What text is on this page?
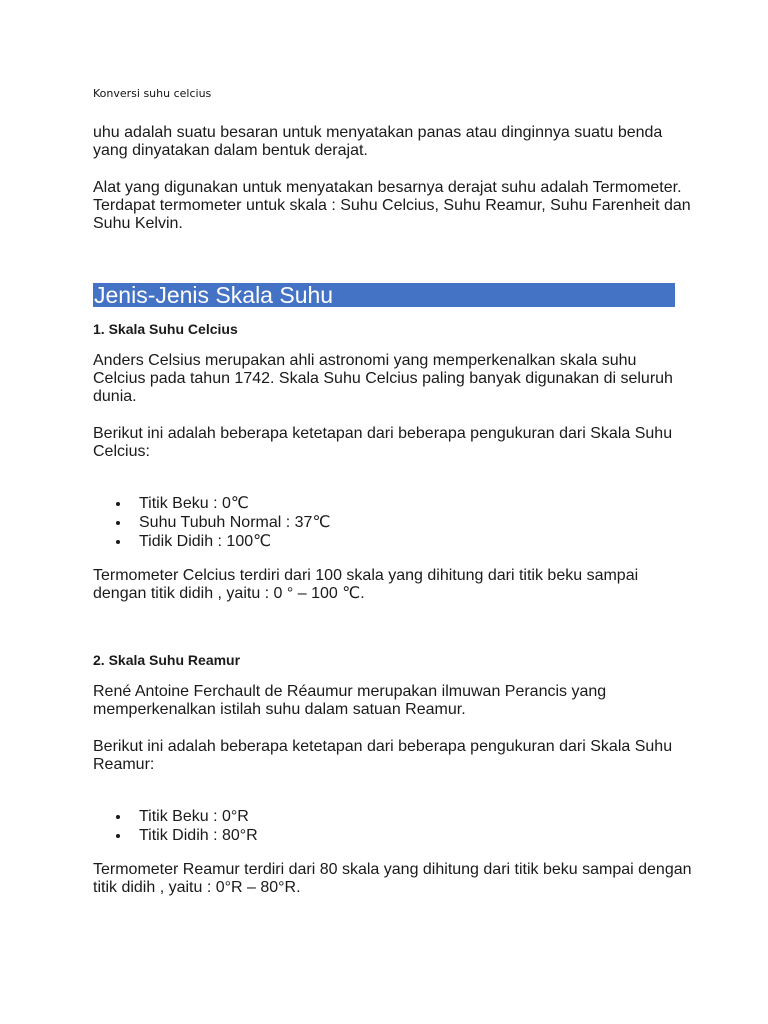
Konversi suhu celcius

uhu adalah suatu besaran untuk menyatakan panas atau dinginnya suatu benda yang dinyatakan dalam bentuk derajat.

Alat yang digunakan untuk menyatakan besarnya derajat suhu adalah Termometer. Terdapat termometer untuk skala : Suhu Celcius, Suhu Reamur, Suhu Farenheit dan Suhu Kelvin.

Jenis-Jenis Skala Suhu
1. Skala Suhu Celcius

Anders Celsius merupakan ahli astronomi yang memperkenalkan skala suhu Celcius pada tahun 1742. Skala Suhu Celcius paling banyak digunakan di seluruh dunia.

Berikut ini adalah beberapa ketetapan dari beberapa pengukuran dari Skala Suhu Celcius:

Titik Beku : 0℃
Suhu Tubuh Normal : 37℃
Tidik Didih : 100℃

Termometer Celcius terdiri dari 100 skala yang dihitung dari titik beku sampai dengan titik didih , yaitu : 0 ° – 100 ℃.

2. Skala Suhu Reamur

René Antoine Ferchault de Réaumur merupakan ilmuwan Perancis yang memperkenalkan istilah suhu dalam satuan Reamur.

Berikut ini adalah beberapa ketetapan dari beberapa pengukuran dari Skala Suhu Reamur:

Titik Beku : 0°R
Titik Didih : 80°R

Termometer Reamur terdiri dari 80 skala yang dihitung dari titik beku sampai dengan titik didih , yaitu : 0°R – 80°R.
